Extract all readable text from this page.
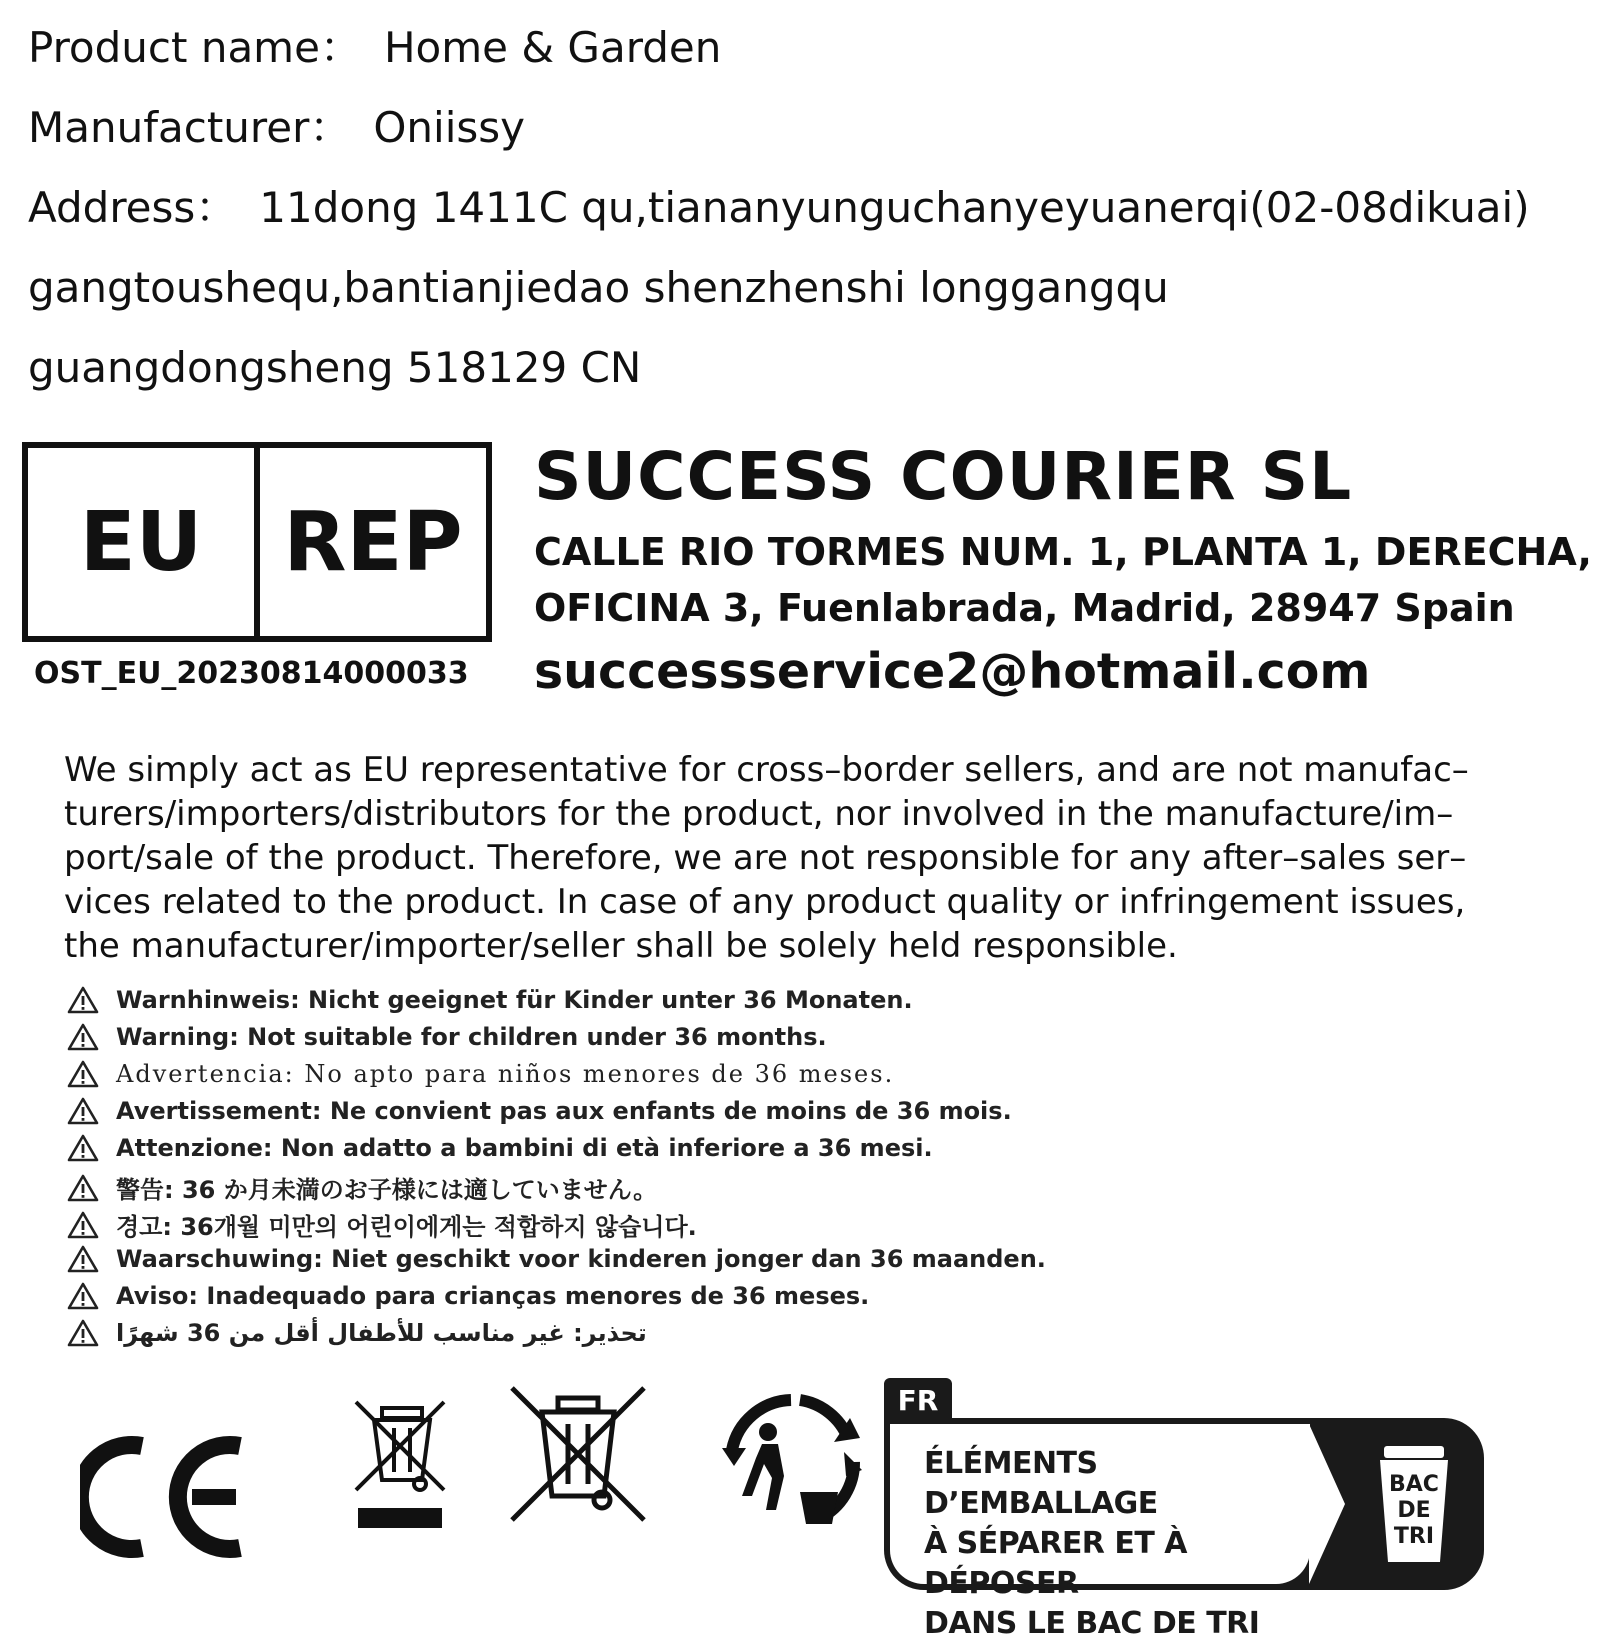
Product name： Home & Garden
Manufacturer： Oniissy
Address： 11dong 1411C qu,tiananyunguchanyeyuanerqi(02-08dikuai)
gangtoushequ,bantianjiedao shenzhenshi longgangqu
guangdongsheng 518129 CN
EU REP
OST_EU_20230814000033
SUCCESS COURIER SL
CALLE RIO TORMES NUM. 1, PLANTA 1, DERECHA,
OFICINA 3, Fuenlabrada, Madrid, 28947 Spain
successservice2@hotmail.com
We simply act as EU representative for cross–border sellers, and are not manufac–
turers/importers/distributors for the product, nor involved in the manufacture/im–
port/sale of the product. Therefore, we are not responsible for any after–sales ser–
vices related to the product. In case of any product quality or infringement issues,
the manufacturer/importer/seller shall be solely held responsible.
Warnhinweis: Nicht geeignet für Kinder unter 36 Monaten.
Warning: Not suitable for children under 36 months.
Advertencia: No apto para niños menores de 36 meses.
Avertissement: Ne convient pas aux enfants de moins de 36 mois.
Attenzione: Non adatto a bambini di età inferiore a 36 mesi.
警告: 36 か月未満のお子様には適していません。
경고: 36개월 미만의 어린이에게는 적합하지 않습니다.
Waarschuwing: Niet geschikt voor kinderen jonger dan 36 maanden.
Aviso: Inadequado para crianças menores de 36 meses.
تحذير: غير مناسب للأطفال أقل من 36 شهرًا
FR
ÉLÉMENTS D’EMBALLAGE
À SÉPARER ET À DÉPOSER
DANS LE BAC DE TRI
BAC
DE
TRI
